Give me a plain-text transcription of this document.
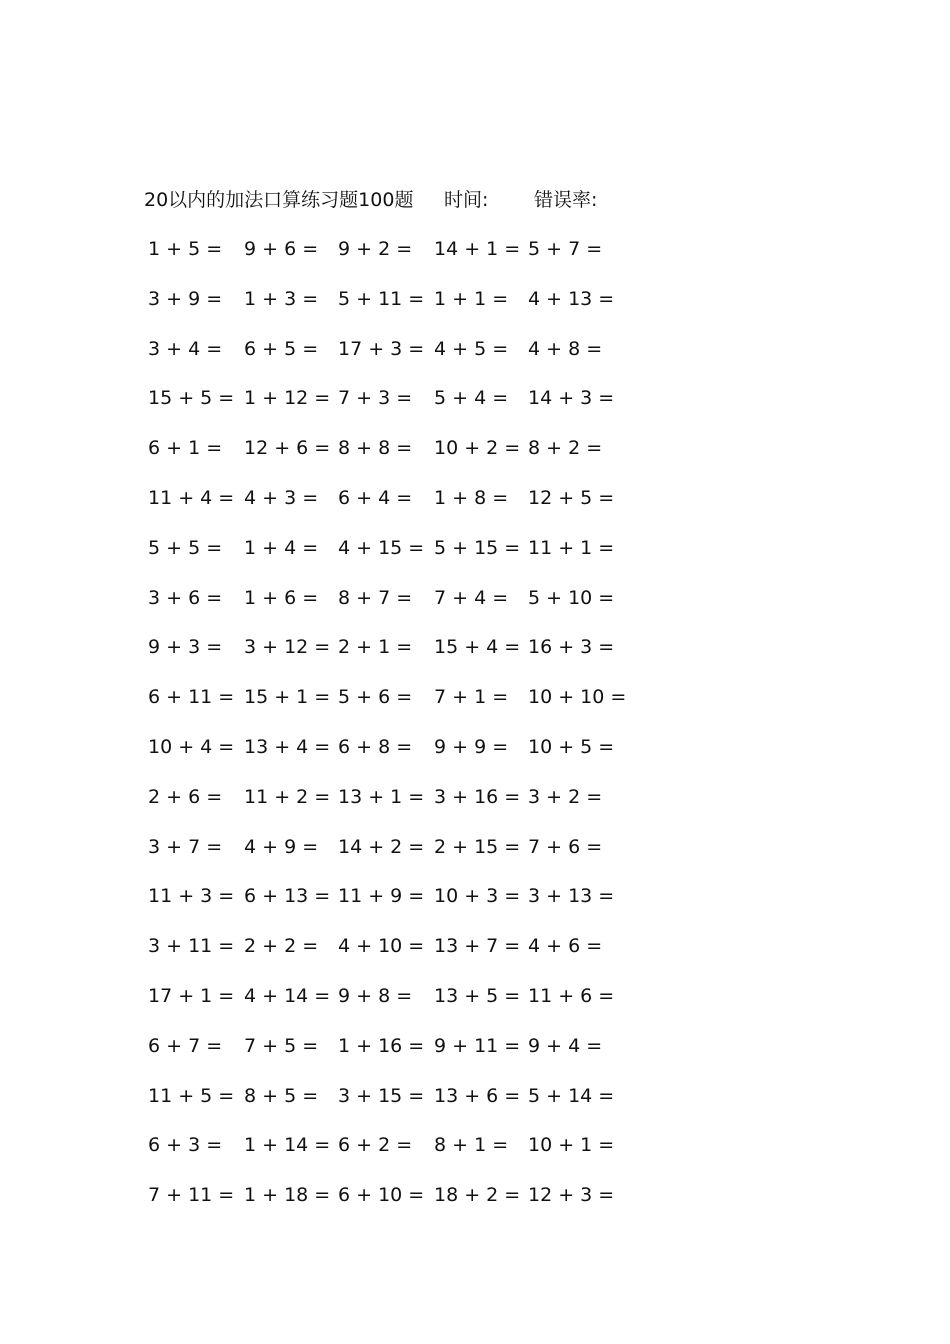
20以内的加法口算练习题100题 时间: 错误率:
1 + 5 = 9 + 6 = 9 + 2 = 14 + 1 = 5 + 7 =
3 + 9 = 1 + 3 = 5 + 11 = 1 + 1 = 4 + 13 =
3 + 4 = 6 + 5 = 17 + 3 = 4 + 5 = 4 + 8 =
15 + 5 = 1 + 12 = 7 + 3 = 5 + 4 = 14 + 3 =
6 + 1 = 12 + 6 = 8 + 8 = 10 + 2 = 8 + 2 =
11 + 4 = 4 + 3 = 6 + 4 = 1 + 8 = 12 + 5 =
5 + 5 = 1 + 4 = 4 + 15 = 5 + 15 = 11 + 1 =
3 + 6 = 1 + 6 = 8 + 7 = 7 + 4 = 5 + 10 =
9 + 3 = 3 + 12 = 2 + 1 = 15 + 4 = 16 + 3 =
6 + 11 = 15 + 1 = 5 + 6 = 7 + 1 = 10 + 10 =
10 + 4 = 13 + 4 = 6 + 8 = 9 + 9 = 10 + 5 =
2 + 6 = 11 + 2 = 13 + 1 = 3 + 16 = 3 + 2 =
3 + 7 = 4 + 9 = 14 + 2 = 2 + 15 = 7 + 6 =
11 + 3 = 6 + 13 = 11 + 9 = 10 + 3 = 3 + 13 =
3 + 11 = 2 + 2 = 4 + 10 = 13 + 7 = 4 + 6 =
17 + 1 = 4 + 14 = 9 + 8 = 13 + 5 = 11 + 6 =
6 + 7 = 7 + 5 = 1 + 16 = 9 + 11 = 9 + 4 =
11 + 5 = 8 + 5 = 3 + 15 = 13 + 6 = 5 + 14 =
6 + 3 = 1 + 14 = 6 + 2 = 8 + 1 = 10 + 1 =
7 + 11 = 1 + 18 = 6 + 10 = 18 + 2 = 12 + 3 =
